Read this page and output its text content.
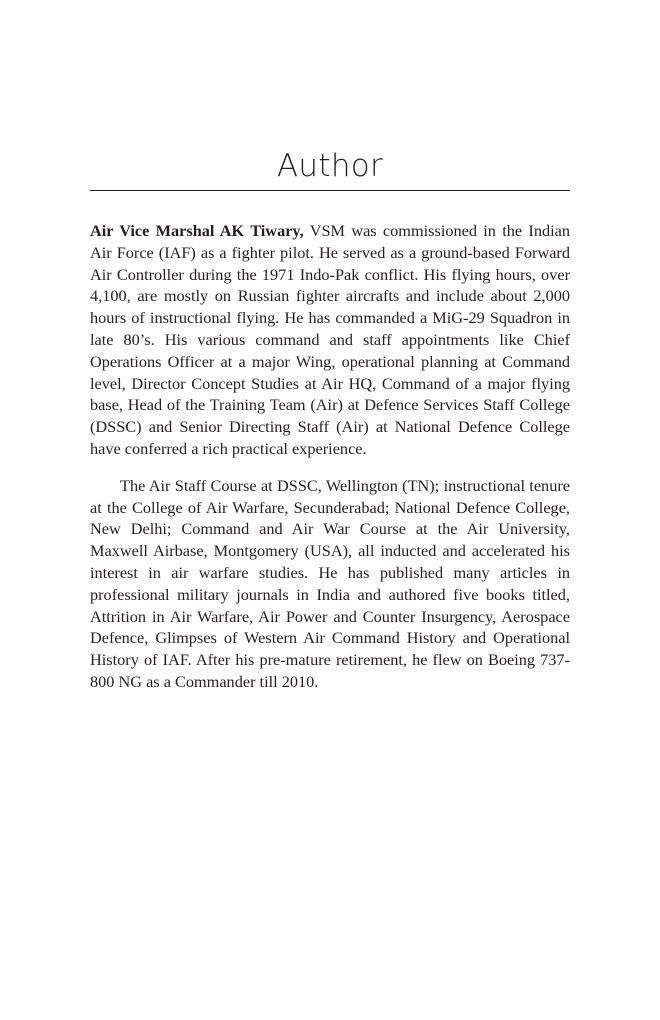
Author

Air Vice Marshal AK Tiwary, VSM was commissioned in the Indian Air Force (IAF) as a fighter pilot. He served as a ground-based Forward Air Controller during the 1971 Indo-Pak conflict. His flying hours, over 4,100, are mostly on Russian fighter aircrafts and include about 2,000 hours of instructional flying. He has commanded a MiG-29 Squadron in late 80’s. His various command and staff appointments like Chief Operations Officer at a major Wing, operational planning at Command level, Director Concept Studies at Air HQ, Command of a major flying base, Head of the Training Team (Air) at Defence Services Staff College (DSSC) and Senior Directing Staff (Air) at National Defence College have conferred a rich practical experience.

The Air Staff Course at DSSC, Wellington (TN); instructional tenure at the College of Air Warfare, Secunderabad; National Defence College, New Delhi; Command and Air War Course at the Air University, Maxwell Airbase, Montgomery (USA), all inducted and accelerated his interest in air warfare studies. He has published many articles in professional military journals in India and authored five books titled, Attrition in Air Warfare, Air Power and Counter Insurgency, Aerospace Defence, Glimpses of Western Air Command History and Operational History of IAF. After his pre-mature retirement, he flew on Boeing 737-800 NG as a Commander till 2010.
